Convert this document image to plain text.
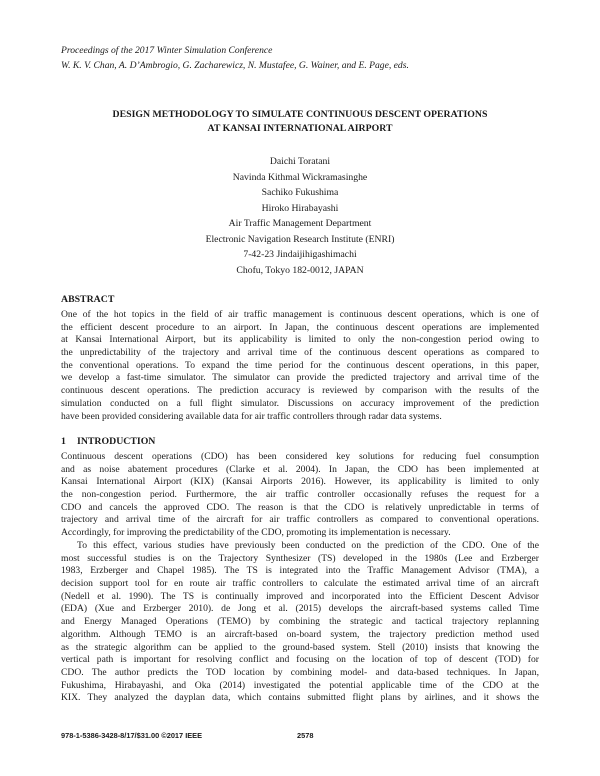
Proceedings of the 2017 Winter Simulation Conference
W. K. V. Chan, A. D’Ambrogio, G. Zacharewicz, N. Mustafee, G. Wainer, and E. Page, eds.
DESIGN METHODOLOGY TO SIMULATE CONTINUOUS DESCENT OPERATIONS
AT KANSAI INTERNATIONAL AIRPORT
Daichi Toratani
Navinda Kithmal Wickramasinghe
Sachiko Fukushima
Hiroko Hirabayashi
Air Traffic Management Department
Electronic Navigation Research Institute (ENRI)
7-42-23 Jindaijihigashimachi
Chofu, Tokyo 182-0012, JAPAN
ABSTRACT
One of the hot topics in the field of air traffic management is continuous descent operations, which is one of
the efficient descent procedure to an airport. In Japan, the continuous descent operations are implemented
at Kansai International Airport, but its applicability is limited to only the non-congestion period owing to
the unpredictability of the trajectory and arrival time of the continuous descent operations as compared to
the conventional operations. To expand the time period for the continuous descent operations, in this paper,
we develop a fast-time simulator. The simulator can provide the predicted trajectory and arrival time of the
continuous descent operations. The prediction accuracy is reviewed by comparison with the results of the
simulation conducted on a full flight simulator. Discussions on accuracy improvement of the prediction
have been provided considering available data for air traffic controllers through radar data systems.
1 INTRODUCTION
Continuous descent operations (CDO) has been considered key solutions for reducing fuel consumption
and as noise abatement procedures (Clarke et al. 2004). In Japan, the CDO has been implemented at
Kansai International Airport (KIX) (Kansai Airports 2016). However, its applicability is limited to only
the non-congestion period. Furthermore, the air traffic controller occasionally refuses the request for a
CDO and cancels the approved CDO. The reason is that the CDO is relatively unpredictable in terms of
trajectory and arrival time of the aircraft for air traffic controllers as compared to conventional operations.
Accordingly, for improving the predictability of the CDO, promoting its implementation is necessary.
To this effect, various studies have previously been conducted on the prediction of the CDO. One of the
most successful studies is on the Trajectory Synthesizer (TS) developed in the 1980s (Lee and Erzberger
1983, Erzberger and Chapel 1985). The TS is integrated into the Traffic Management Advisor (TMA), a
decision support tool for en route air traffic controllers to calculate the estimated arrival time of an aircraft
(Nedell et al. 1990). The TS is continually improved and incorporated into the Efficient Descent Advisor
(EDA) (Xue and Erzberger 2010). de Jong et al. (2015) develops the aircraft-based systems called Time
and Energy Managed Operations (TEMO) by combining the strategic and tactical trajectory replanning
algorithm. Although TEMO is an aircraft-based on-board system, the trajectory prediction method used
as the strategic algorithm can be applied to the ground-based system. Stell (2010) insists that knowing the
vertical path is important for resolving conflict and focusing on the location of top of descent (TOD) for
CDO. The author predicts the TOD location by combining model- and data-based techniques. In Japan,
Fukushima, Hirabayashi, and Oka (2014) investigated the potential applicable time of the CDO at the
KIX. They analyzed the dayplan data, which contains submitted flight plans by airlines, and it shows the
978-1-5386-3428-8/17/$31.00 ©2017 IEEE	2578
